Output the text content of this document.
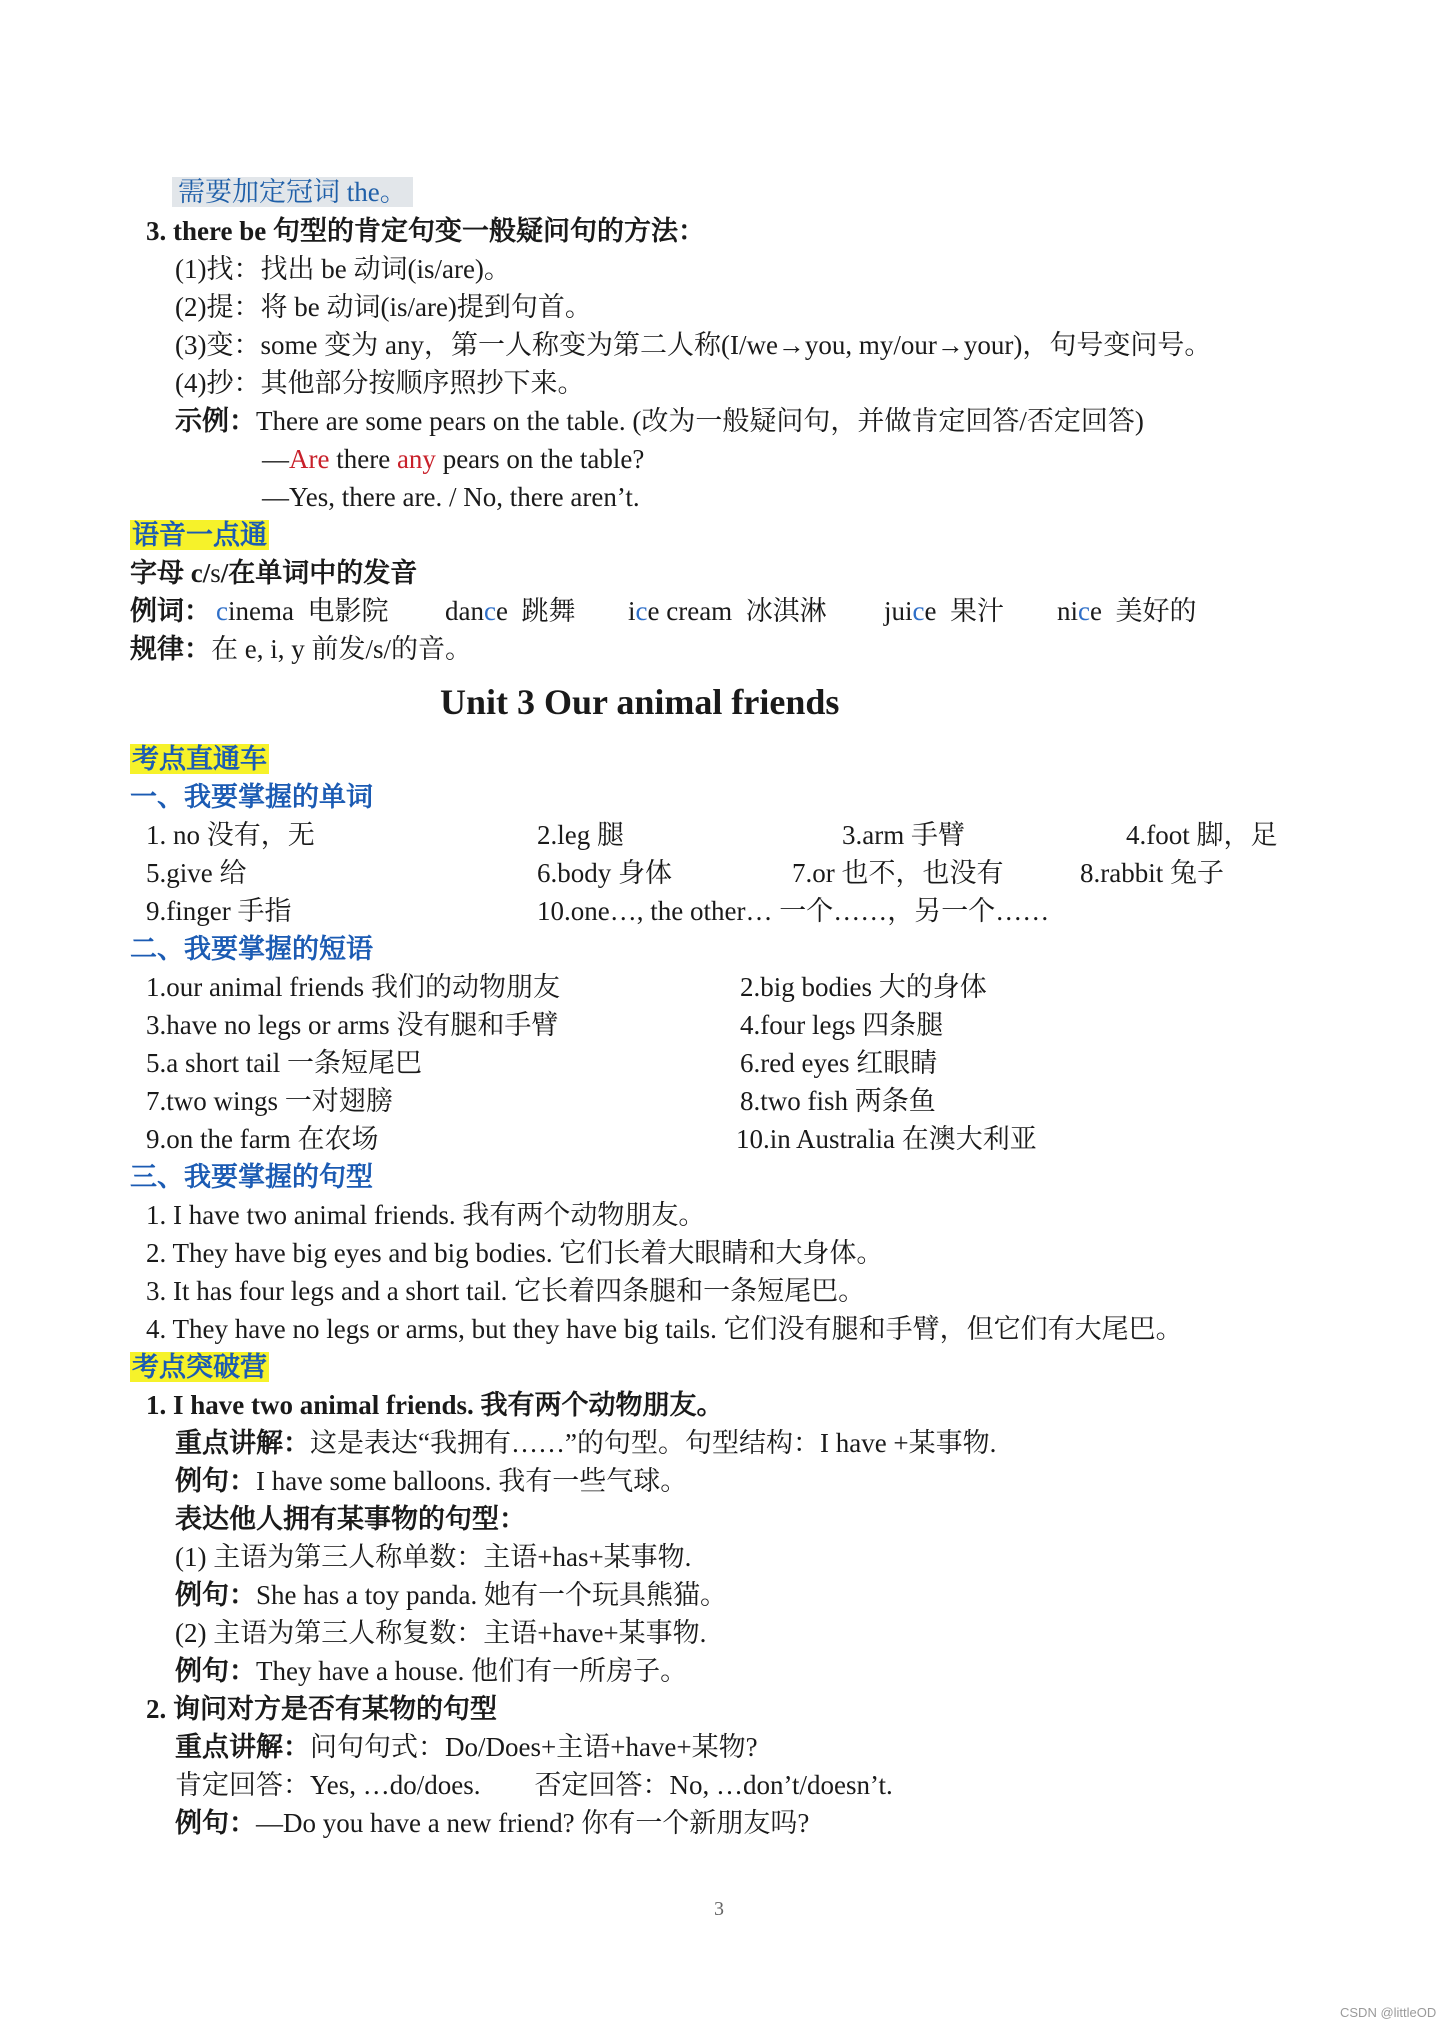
需要加定冠词 the。
3. there be 句型的肯定句变一般疑问句的方法：
(1)找：找出 be 动词(is/are)。
(2)提：将 be 动词(is/are)提到句首。
(3)变：some 变为 any，第一人称变为第二人称(I/we→you, my/our→your)，句号变问号。
(4)抄：其他部分按顺序照抄下来。
示例：There are some pears on the table. (改为一般疑问句，并做肯定回答/否定回答)
—Are there any pears on the table?
—Yes, there are. / No, there aren’t.
语音一点通
字母 c/s/在单词中的发音
例词： cinema 电影院 dance 跳舞 ice cream 冰淇淋 juice 果汁 nice 美好的
规律：在 e, i, y 前发/s/的音。
Unit 3 Our animal friends
考点直通车
一、我要掌握的单词
1. no 没有，无	2.leg 腿	3.arm 手臂	4.foot 脚，足
5.give 给	6.body 身体	7.or 也不，也没有	8.rabbit 兔子
9.finger 手指	10.one…, the other… 一个……，另一个……
二、我要掌握的短语
1.our animal friends 我们的动物朋友	2.big bodies 大的身体
3.have no legs or arms 没有腿和手臂	4.four legs 四条腿
5.a short tail 一条短尾巴	6.red eyes 红眼睛
7.two wings 一对翅膀	8.two fish 两条鱼
9.on the farm 在农场	10.in Australia 在澳大利亚
三、我要掌握的句型
1. I have two animal friends. 我有两个动物朋友。
2. They have big eyes and big bodies. 它们长着大眼睛和大身体。
3. It has four legs and a short tail. 它长着四条腿和一条短尾巴。
4. They have no legs or arms, but they have big tails. 它们没有腿和手臂，但它们有大尾巴。
考点突破营
1. I have two animal friends. 我有两个动物朋友。
重点讲解：这是表达“我拥有……”的句型。句型结构：I have +某事物.
例句：I have some balloons. 我有一些气球。
表达他人拥有某事物的句型：
(1) 主语为第三人称单数：主语+has+某事物.
例句：She has a toy panda. 她有一个玩具熊猫。
(2) 主语为第三人称复数：主语+have+某事物.
例句：They have a house. 他们有一所房子。
2. 询问对方是否有某物的句型
重点讲解：问句句式：Do/Does+主语+have+某物?
肯定回答：Yes, …do/does.        否定回答：No, …don’t/doesn’t.
例句：—Do you have a new friend? 你有一个新朋友吗?
3
CSDN @littleOD
